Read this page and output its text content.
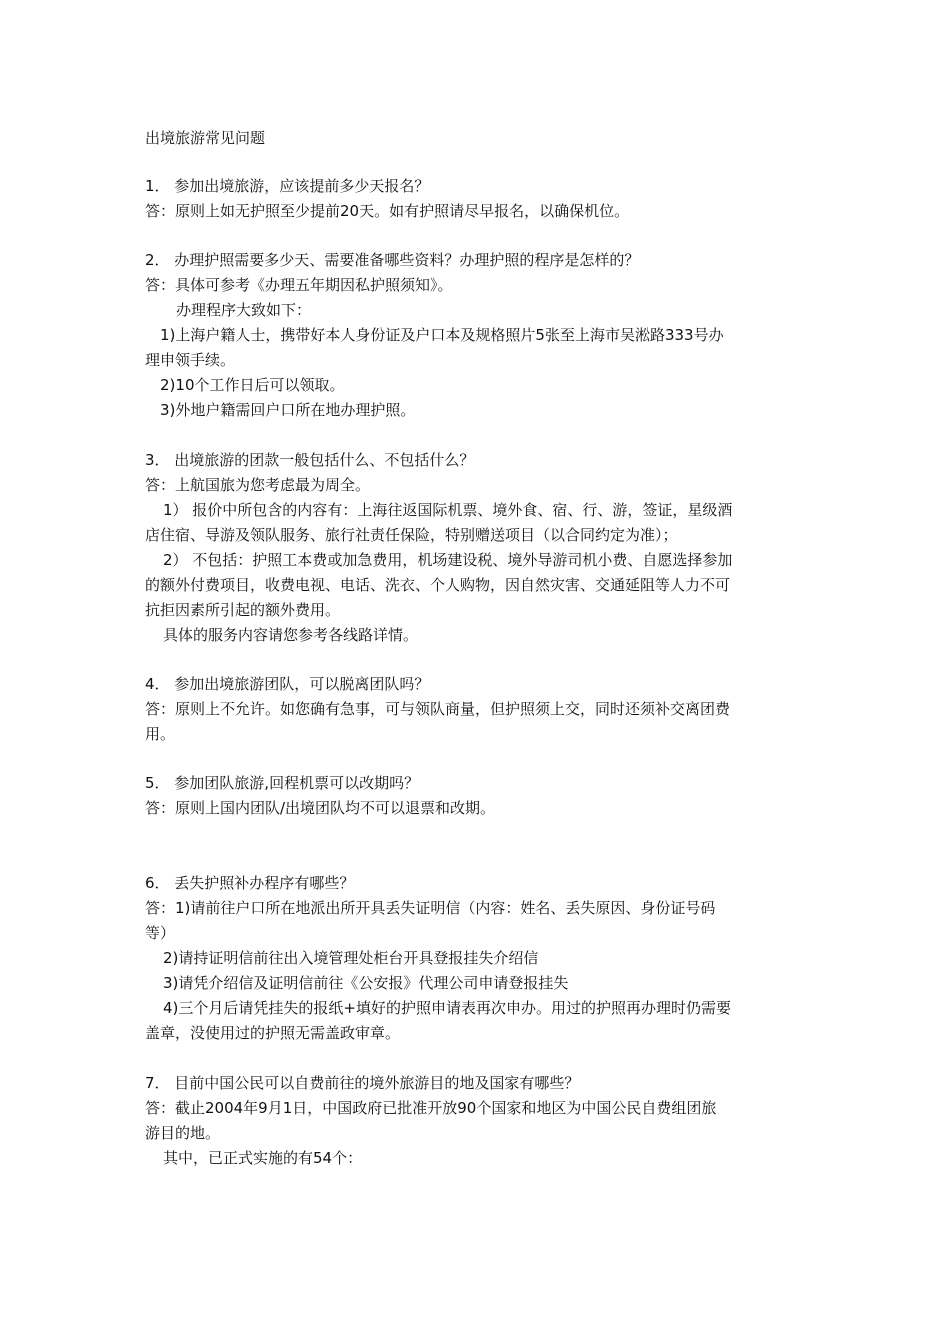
出境旅游常见问题
1． 参加出境旅游，应该提前多少天报名？
答：原则上如无护照至少提前20天。如有护照请尽早报名，以确保机位。
2． 办理护照需要多少天、需要准备哪些资料？办理护照的程序是怎样的？
答：具体可参考《办理五年期因私护照须知》。
办理程序大致如下：
1)上海户籍人士，携带好本人身份证及户口本及规格照片5张至上海市吴淞路333号办
理申领手续。
2)10个工作日后可以领取。
3)外地户籍需回户口所在地办理护照。
3． 出境旅游的团款一般包括什么、不包括什么？
答：上航国旅为您考虑最为周全。
1） 报价中所包含的内容有：上海往返国际机票、境外食、宿、行、游，签证，星级酒
店住宿、导游及领队服务、旅行社责任保险，特别赠送项目（以合同约定为准）；
2） 不包括：护照工本费或加急费用，机场建设税、境外导游司机小费、自愿选择参加
的额外付费项目，收费电视、电话、洗衣、个人购物，因自然灾害、交通延阻等人力不可
抗拒因素所引起的额外费用。
具体的服务内容请您参考各线路详情。
4． 参加出境旅游团队，可以脱离团队吗？
答：原则上不允许。如您确有急事，可与领队商量，但护照须上交，同时还须补交离团费
用。
5． 参加团队旅游,回程机票可以改期吗？
答：原则上国内团队/出境团队均不可以退票和改期。
6． 丢失护照补办程序有哪些？
答：1)请前往户口所在地派出所开具丢失证明信（内容：姓名、丢失原因、身份证号码
等）
2)请持证明信前往出入境管理处柜台开具登报挂失介绍信
3)请凭介绍信及证明信前往《公安报》代理公司申请登报挂失
4)三个月后请凭挂失的报纸+填好的护照申请表再次申办。用过的护照再办理时仍需要
盖章，没使用过的护照无需盖政审章。
7． 目前中国公民可以自费前往的境外旅游目的地及国家有哪些？
答：截止2004年9月1日，中国政府已批准开放90个国家和地区为中国公民自费组团旅
游目的地。
其中，已正式实施的有54个：
